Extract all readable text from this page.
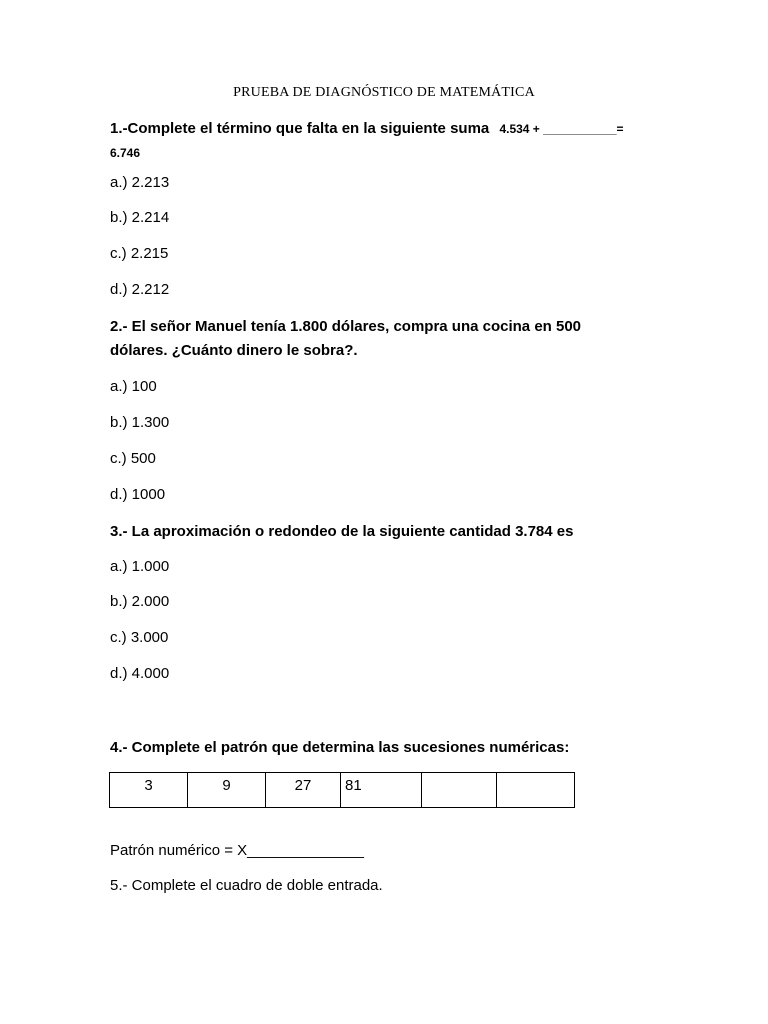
PRUEBA DE DIAGNÓSTICO DE MATEMÁTICA
1.-Complete el término que falta en la siguiente suma 4.534 + ___________=
6.746
a.) 2.213
b.) 2.214
c.) 2.215
d.) 2.212
2.- El señor Manuel tenía 1.800 dólares, compra una cocina en 500
dólares. ¿Cuánto dinero le sobra?.
a.) 100
b.) 1.300
c.) 500
d.) 1000
3.- La aproximación o redondeo de la siguiente cantidad 3.784 es
a.) 1.000
b.) 2.000
c.) 3.000
d.) 4.000
4.- Complete el patrón que determina las sucesiones numéricas:
3	9	27	81		
Patrón numérico = X______________
5.- Complete el cuadro de doble entrada.
